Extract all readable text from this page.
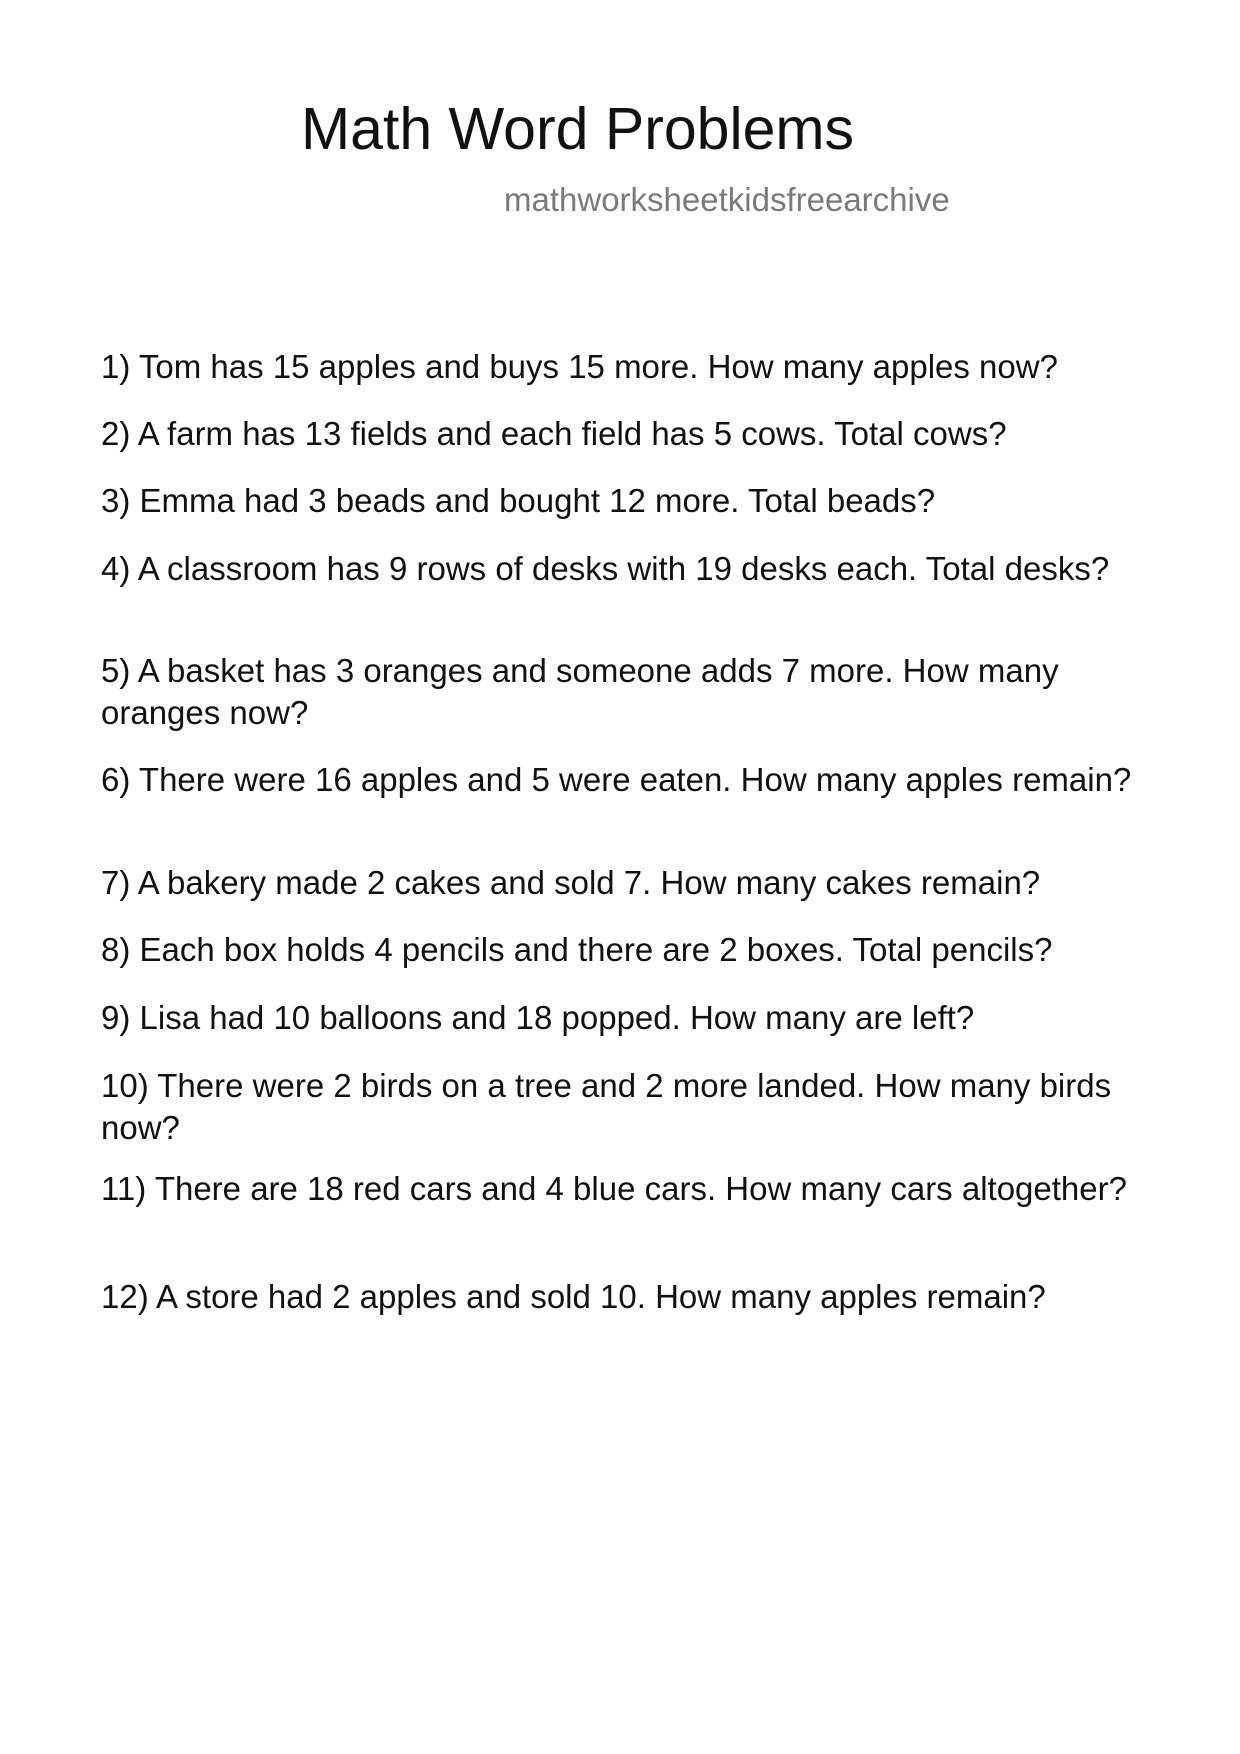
Math Word Problems
mathworksheetkidsfreearchive
1) Tom has 15 apples and buys 15 more. How many apples now?
2) A farm has 13 fields and each field has 5 cows. Total cows?
3) Emma had 3 beads and bought 12 more. Total beads?
4) A classroom has 9 rows of desks with 19 desks each. Total desks?
5) A basket has 3 oranges and someone adds 7 more. How many oranges now?
6) There were 16 apples and 5 were eaten. How many apples remain?
7) A bakery made 2 cakes and sold 7. How many cakes remain?
8) Each box holds 4 pencils and there are 2 boxes. Total pencils?
9) Lisa had 10 balloons and 18 popped. How many are left?
10) There were 2 birds on a tree and 2 more landed. How many birds now?
11) There are 18 red cars and 4 blue cars. How many cars altogether?
12) A store had 2 apples and sold 10. How many apples remain?
